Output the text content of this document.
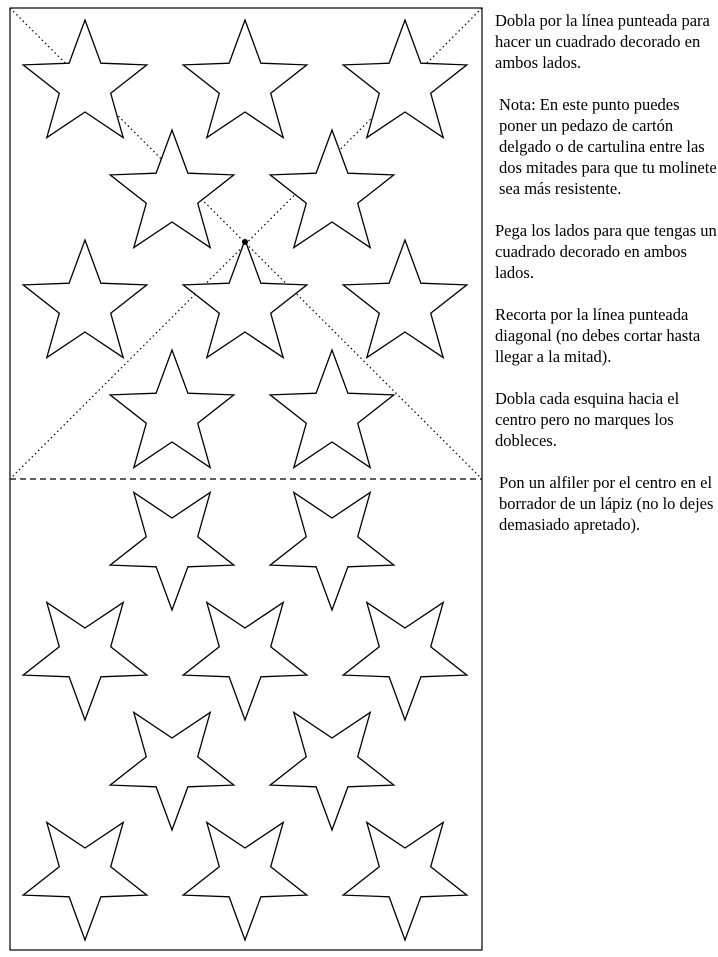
Dobla por la línea punteada para hacer un cuadrado decorado en ambos lados.

Nota: En este punto puedes poner un pedazo de cartón delgado o de cartulina entre las dos mitades para que tu molinete sea más resistente.

Pega los lados para que tengas un cuadrado decorado en ambos lados.

Recorta por la línea punteada diagonal (no debes cortar hasta llegar a la mitad).

Dobla cada esquina hacia el centro pero no marques los dobleces.

Pon un alfiler por el centro en el borrador de un lápiz (no lo dejes demasiado apretado).
